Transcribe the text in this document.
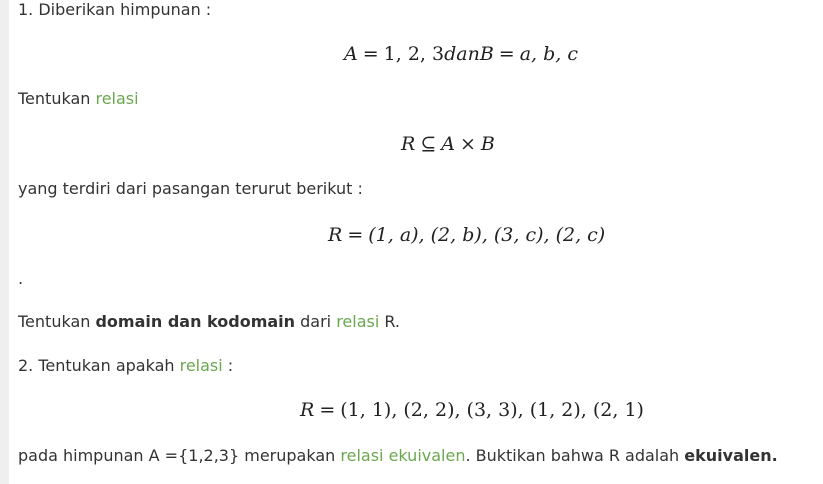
1. Diberikan himpunan :
A = 1, 2, 3danB = a, b, c
Tentukan relasi
R ⊆ A × B
yang terdiri dari pasangan terurut berikut :
R = (1, a), (2, b), (3, c), (2, c)
.
Tentukan domain dan kodomain dari relasi R.
2. Tentukan apakah relasi :
R = (1, 1), (2, 2), (3, 3), (1, 2), (2, 1)
pada himpunan A ={1,2,3} merupakan relasi ekuivalen. Buktikan bahwa R adalah ekuivalen.
